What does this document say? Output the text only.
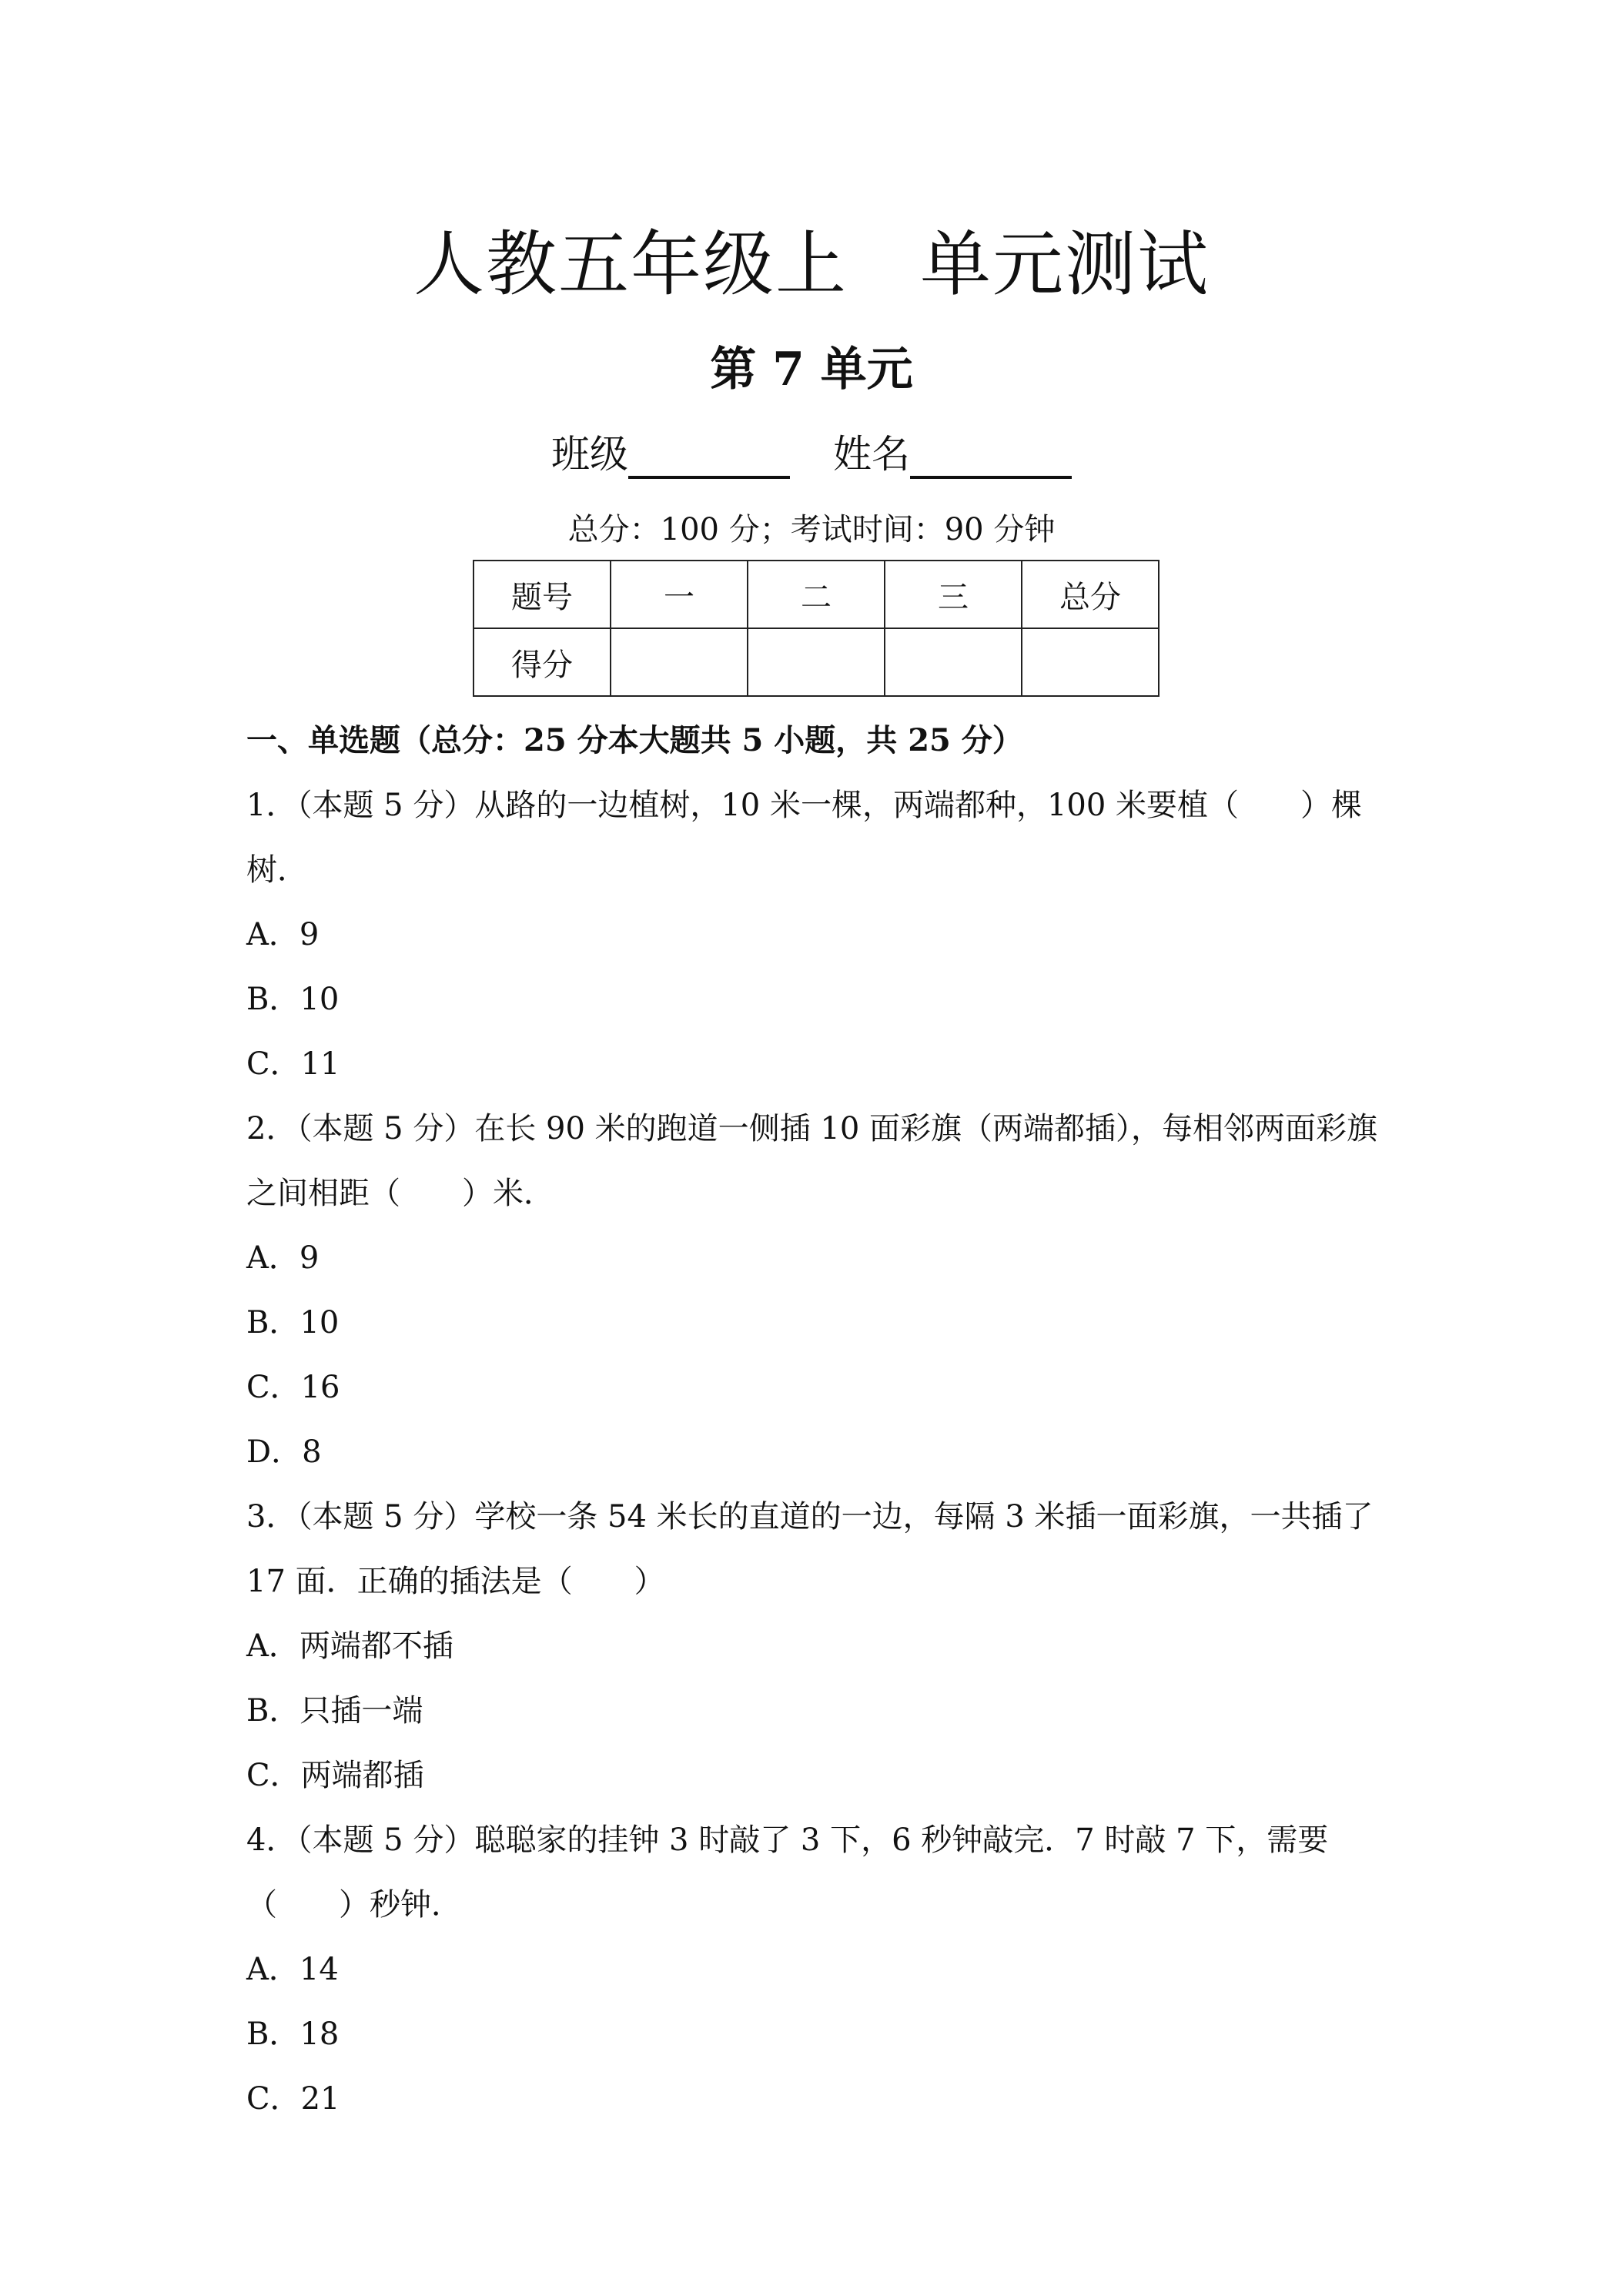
人教五年级上　单元测试
第 7 单元
班级	姓名
总分：100 分；考试时间：90 分钟
题号	一	二	三	总分
得分				

一、单选题（总分：25 分本大题共 5 小题，共 25 分）

1．（本题 5 分）从路的一边植树，10 米一棵，两端都种，100 米要植（　　）棵树．

A．9

B．10

C．11

2．（本题 5 分）在长 90 米的跑道一侧插 10 面彩旗（两端都插），每相邻两面彩旗之间相距（　　）米．

A．9

B．10

C．16

D．8

3．（本题 5 分）学校一条 54 米长的直道的一边，每隔 3 米插一面彩旗，一共插了 17 面．正确的插法是（　　）

A．两端都不插

B．只插一端

C．两端都插

4．（本题 5 分）聪聪家的挂钟 3 时敲了 3 下，6 秒钟敲完．7 时敲 7 下，需要（　　）秒钟．

A．14

B．18

C．21
